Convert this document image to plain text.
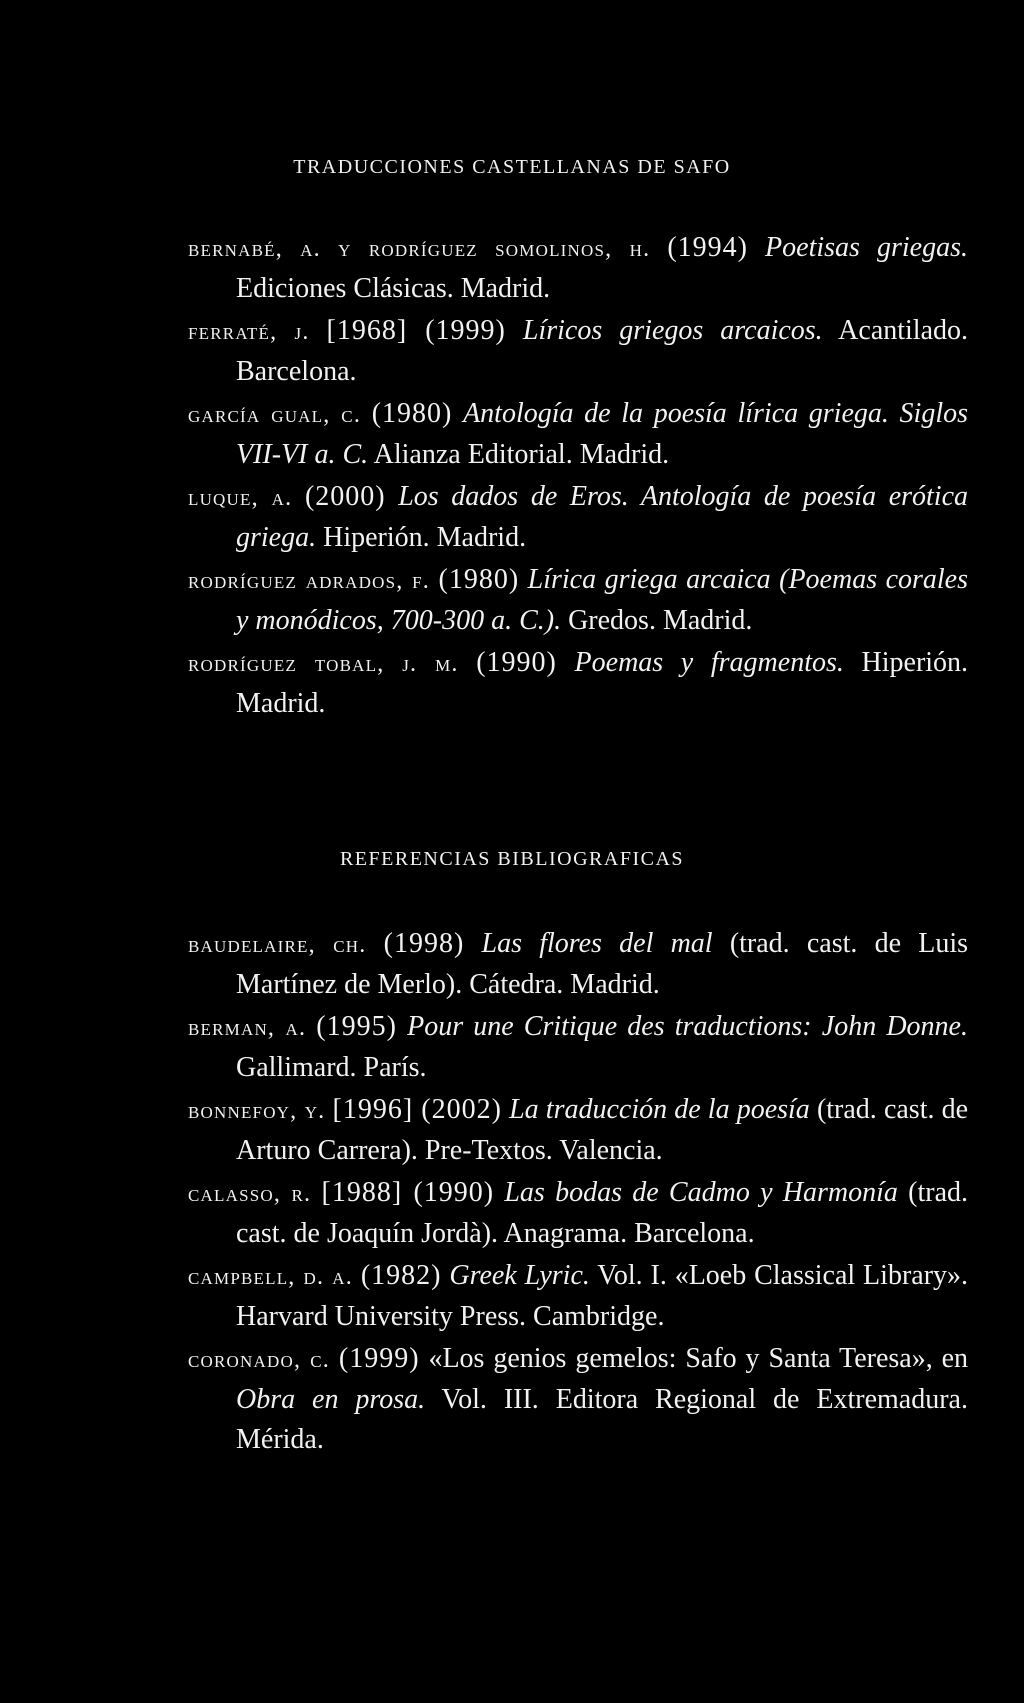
TRADUCCIONES CASTELLANAS DE SAFO
bernabé, a. y rodríguez somolinos, h. (1994) Poetisas griegas. Ediciones Clásicas. Madrid.
ferraté, j. [1968] (1999) Líricos griegos arcaicos. Acantilado. Barcelona.
garcía gual, c. (1980) Antología de la poesía lírica griega. Siglos VII-VI a. C. Alianza Editorial. Madrid.
luque, a. (2000) Los dados de Eros. Antología de poesía erótica griega. Hiperión. Madrid.
rodríguez adrados, f. (1980) Lírica griega arcaica (Poemas corales y monódicos, 700-300 a. C.). Gredos. Madrid.
rodríguez tobal, j. m. (1990) Poemas y fragmentos. Hiperión. Madrid.
REFERENCIAS BIBLIOGRAFICAS
baudelaire, ch. (1998) Las flores del mal (trad. cast. de Luis Martínez de Merlo). Cátedra. Madrid.
berman, a. (1995) Pour une Critique des traductions: John Donne. Gallimard. París.
bonnefoy, y. [1996] (2002) La traducción de la poesía (trad. cast. de Arturo Carrera). Pre-Textos. Valencia.
calasso, r. [1988] (1990) Las bodas de Cadmo y Harmonía (trad. cast. de Joaquín Jordà). Anagrama. Barcelona.
campbell, d. a. (1982) Greek Lyric. Vol. I. «Loeb Classical Library». Harvard University Press. Cambridge.
coronado, c. (1999) «Los genios gemelos: Safo y Santa Teresa», en Obra en prosa. Vol. III. Editora Regional de Extremadura. Mérida.
